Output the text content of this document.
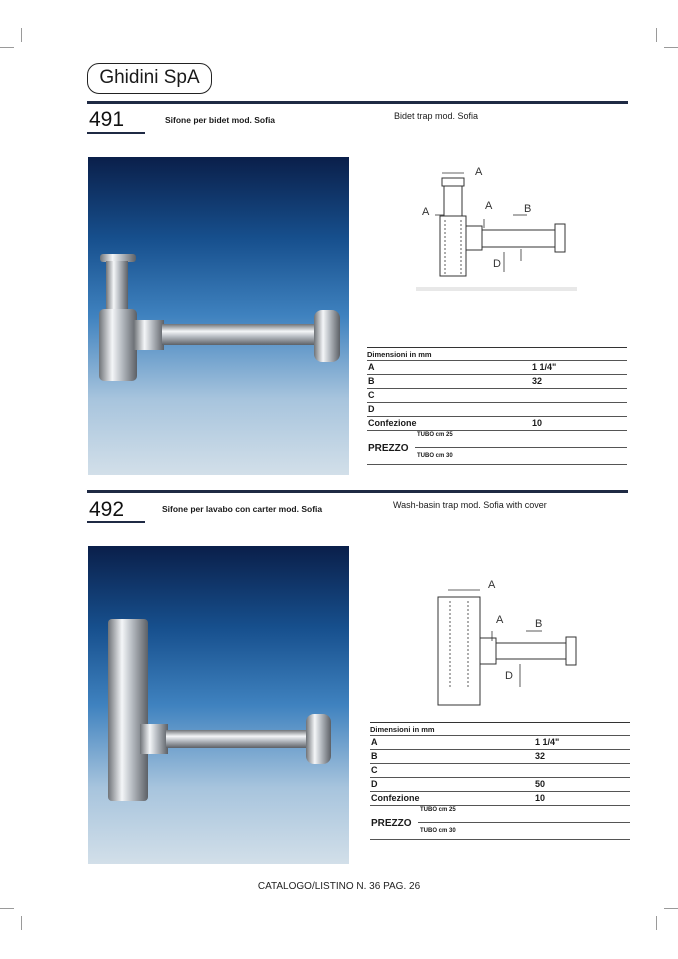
Ghidini SpA
491	Sifone per bidet mod. Sofia	Bidet trap mod. Sofia
A
A	A	B
D
Dimensioni in mm
A	1 1/4"
B	32
C
D
Confezione	10
TUBO cm 25
PREZZO
TUBO cm 30
492	Sifone per lavabo con carter mod. Sofia	Wash-basin trap mod. Sofia with cover
A
A	B
D
Dimensioni in mm
A	1 1/4"
B	32
C
D	50
Confezione	10
TUBO cm 25
PREZZO
TUBO cm 30
CATALOGO/LISTINO N. 36 PAG. 26
